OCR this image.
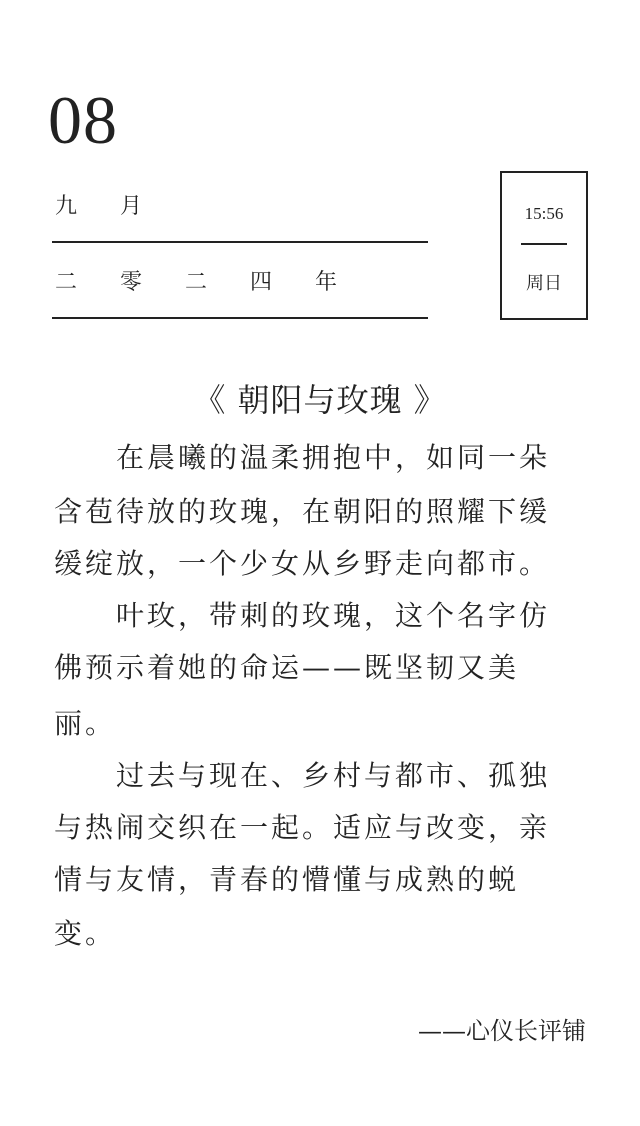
08
九 月
二 零 二 四 年
15:56
周日
《 朝阳与玫瑰 》
　　在晨曦的温柔拥抱中，如同一朵
含苞待放的玫瑰，在朝阳的照耀下缓
缓绽放，一个少女从乡野走向都市。
　　叶玫，带刺的玫瑰，这个名字仿
佛预示着她的命运——既坚韧又美
丽。
　　过去与现在、乡村与都市、孤独
与热闹交织在一起。适应与改变，亲
情与友情，青春的懵懂与成熟的蜕
变。
——心仪长评铺
